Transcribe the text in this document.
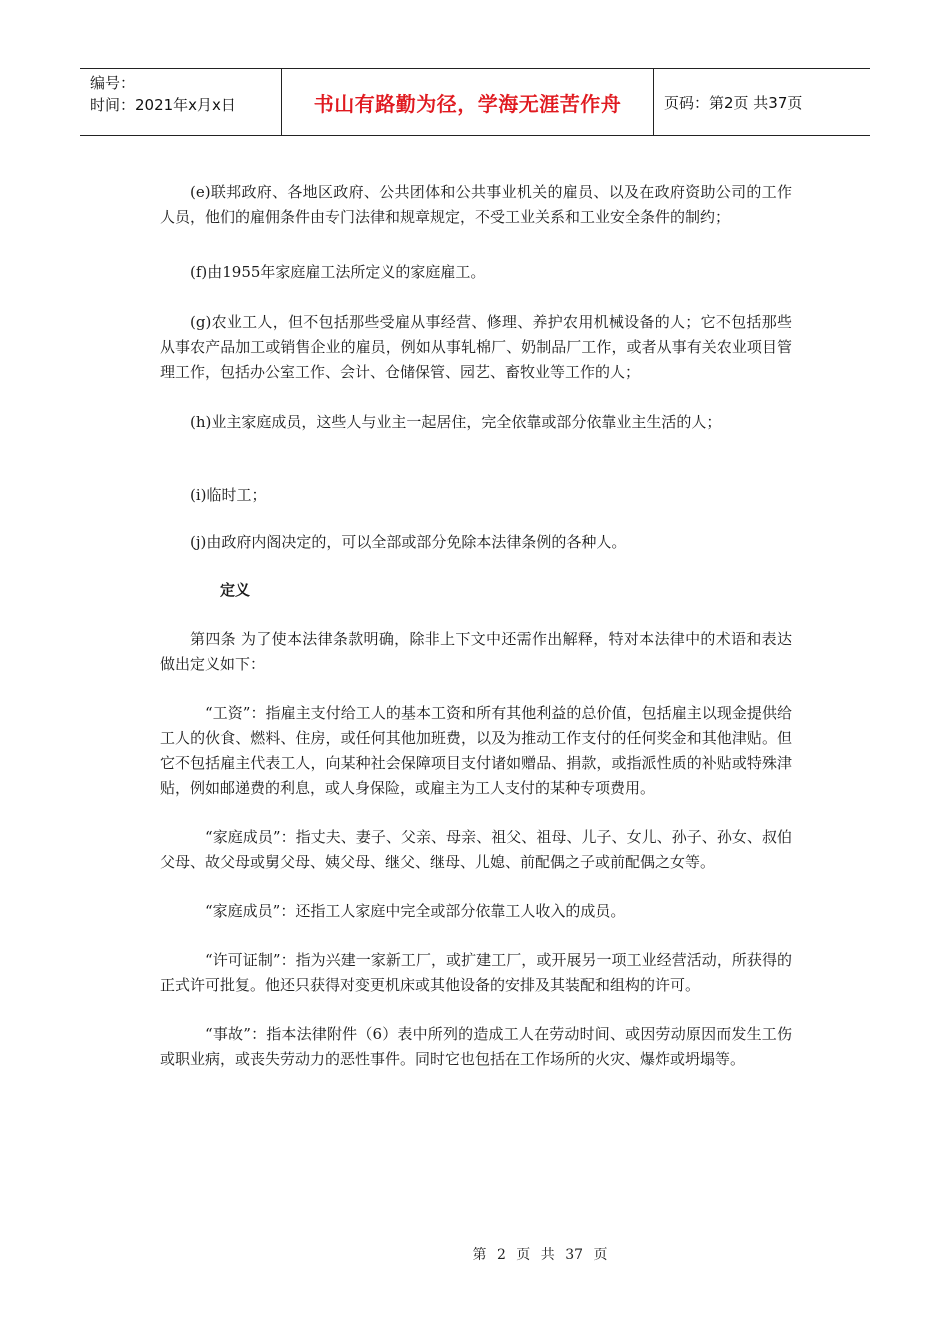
编号：
时间：2021年x月x日	书山有路勤为径，学海无涯苦作舟	页码：第2页 共37页

(e)联邦政府、各地区政府、公共团体和公共事业机关的雇员、以及在政府资助公司的工作人员，他们的雇佣条件由专门法律和规章规定，不受工业关系和工业安全条件的制约；

(f)由1955年家庭雇工法所定义的家庭雇工。

(g)农业工人，但不包括那些受雇从事经营、修理、养护农用机械设备的人；它不包括那些从事农产品加工或销售企业的雇员，例如从事轧棉厂、奶制品厂工作，或者从事有关农业项目管理工作，包括办公室工作、会计、仓储保管、园艺、畜牧业等工作的人；

(h)业主家庭成员，这些人与业主一起居住，完全依靠或部分依靠业主生活的人；

(i)临时工；

(j)由政府内阁决定的，可以全部或部分免除本法律条例的各种人。

定义

第四条 为了使本法律条款明确，除非上下文中还需作出解释，特对本法律中的术语和表达做出定义如下：

“工资”：指雇主支付给工人的基本工资和所有其他利益的总价值，包括雇主以现金提供给工人的伙食、燃料、住房，或任何其他加班费，以及为推动工作支付的任何奖金和其他津贴。但它不包括雇主代表工人，向某种社会保障项目支付诸如赠品、捐款，或指派性质的补贴或特殊津贴，例如邮递费的利息，或人身保险，或雇主为工人支付的某种专项费用。

“家庭成员”：指丈夫、妻子、父亲、母亲、祖父、祖母、儿子、女儿、孙子、孙女、叔伯父母、故父母或舅父母、姨父母、继父、继母、儿媳、前配偶之子或前配偶之女等。

“家庭成员”：还指工人家庭中完全或部分依靠工人收入的成员。

“许可证制”：指为兴建一家新工厂，或扩建工厂，或开展另一项工业经营活动，所获得的正式许可批复。他还只获得对变更机床或其他设备的安排及其装配和组构的许可。

“事故”：指本法律附件（6）表中所列的造成工人在劳动时间、或因劳动原因而发生工伤或职业病，或丧失劳动力的恶性事件。同时它也包括在工作场所的火灾、爆炸或坍塌等。

第 2 页 共 37 页
